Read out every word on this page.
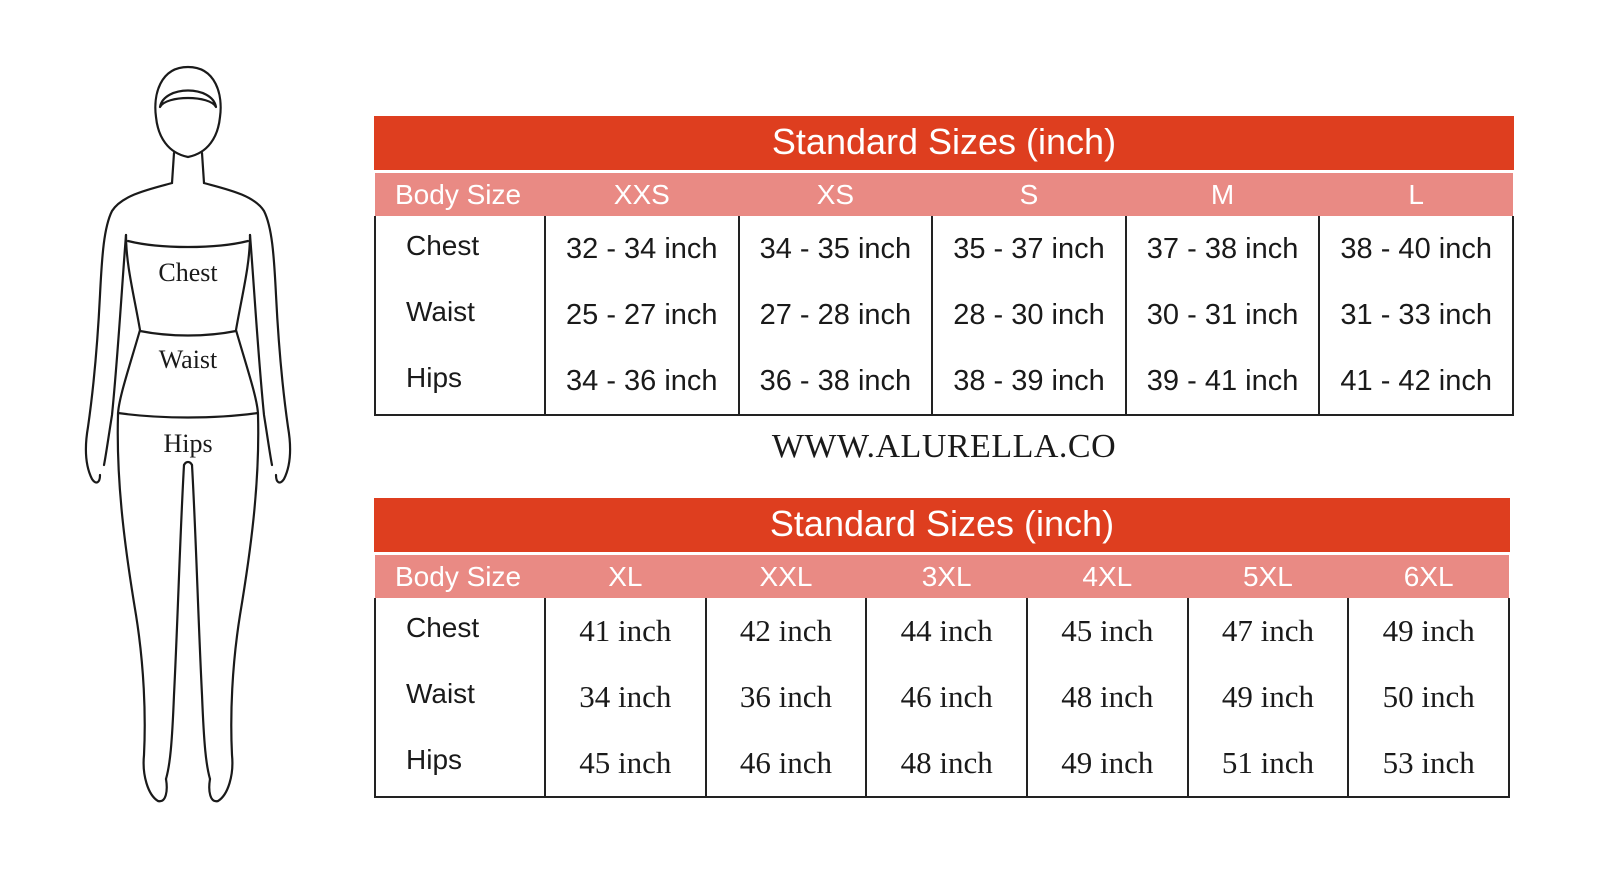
Chest
Waist
Hips
Standard Sizes (inch)
Body Size	XXS	XS	S	M	L
Chest	32 - 34 inch	34 - 35 inch	35 - 37 inch	37 - 38 inch	38 - 40 inch
Waist	25 - 27 inch	27 - 28 inch	28 - 30 inch	30 - 31 inch	31 - 33 inch
Hips	34 - 36 inch	36 - 38 inch	38 - 39 inch	39 - 41 inch	41 - 42 inch
WWW.ALURELLA.CO
Standard Sizes (inch)
Body Size	XL	XXL	3XL	4XL	5XL	6XL
Chest	41 inch	42 inch	44 inch	45 inch	47 inch	49 inch
Waist	34 inch	36 inch	46 inch	48 inch	49 inch	50 inch
Hips	45 inch	46 inch	48 inch	49 inch	51 inch	53 inch
